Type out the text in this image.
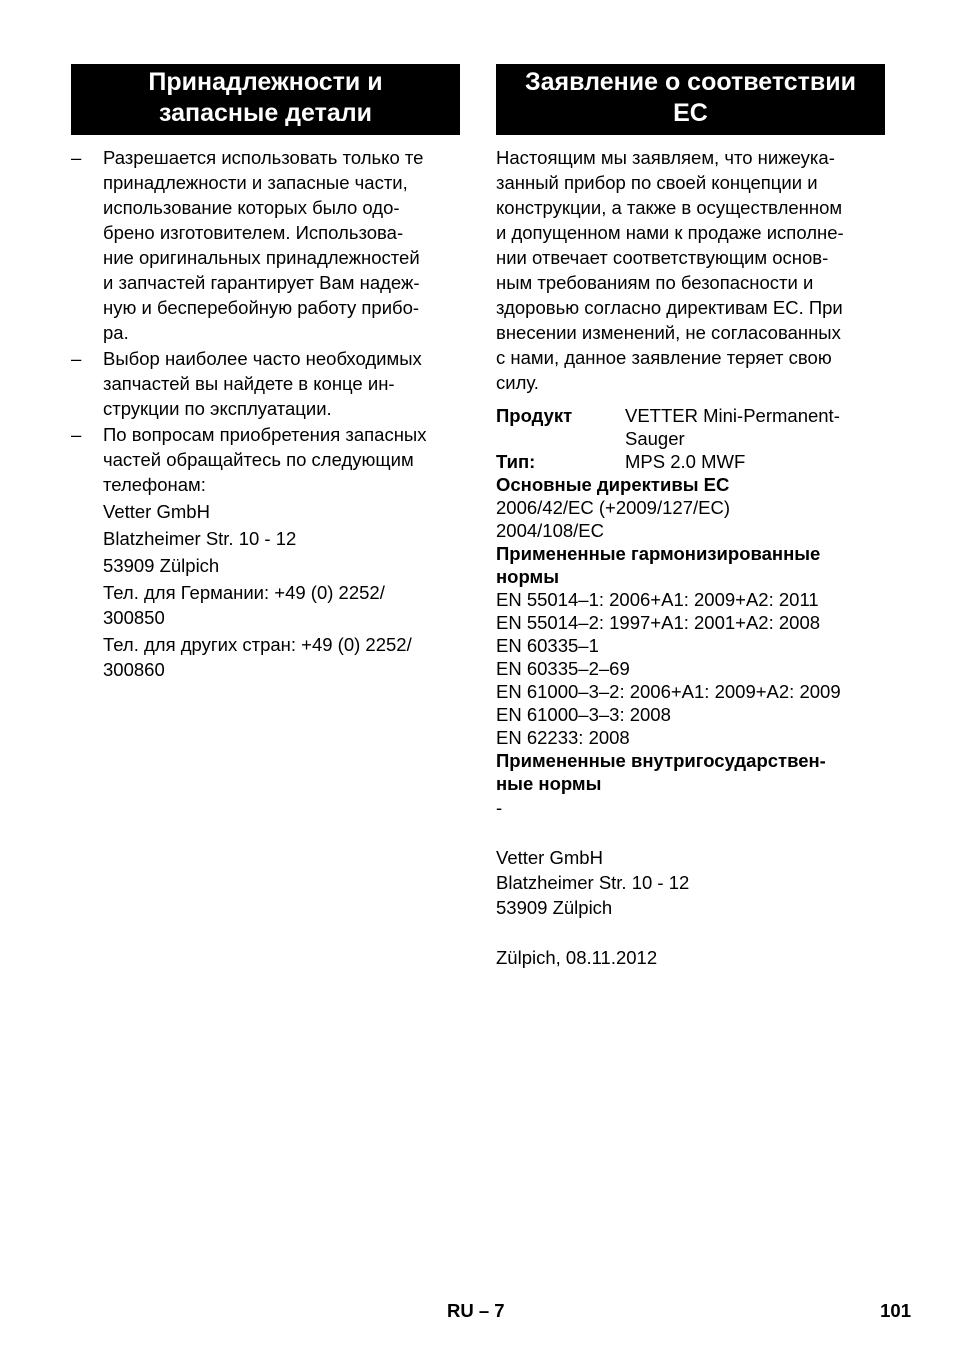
Принадлежности и
запасные детали
– Разрешается использовать только те
принадлежности и запасные части,
использование которых было одо-
брено изготовителем. Использова-
ние оригинальных принадлежностей
и запчастей гарантирует Вам надеж-
ную и бесперебойную работу прибо-
ра.
– Выбор наиболее часто необходимых
запчастей вы найдете в конце ин-
струкции по эксплуатации.
– По вопросам приобретения запасных
частей обращайтесь по следующим
телефонам:
Vetter GmbH
Blatzheimer Str. 10 - 12
53909 Zülpich
Тел. для Германии: +49 (0) 2252/
300850
Тел. для других стран: +49 (0) 2252/
300860
Заявление о соответствии
ЕС
Настоящим мы заявляем, что нижеука-
занный прибор по своей концепции и
конструкции, а также в осуществленном
и допущенном нами к продаже исполне-
нии отвечает соответствующим основ-
ным требованиям по безопасности и
здоровью согласно директивам ЕС. При
внесении изменений, не согласованных
с нами, данное заявление теряет свою
силу.
Продукт	VETTER Mini-Permanent-
Sauger
Тип:	MPS 2.0 MWF
Основные директивы ЕС
2006/42/EC (+2009/127/EC)
2004/108/EC
Примененные гармонизированные
нормы
EN 55014–1: 2006+A1: 2009+A2: 2011
EN 55014–2: 1997+A1: 2001+A2: 2008
EN 60335–1
EN 60335–2–69
EN 61000–3–2: 2006+A1: 2009+A2: 2009
EN 61000–3–3: 2008
EN 62233: 2008
Примененные внутригосударствен-
ные нормы
-
Vetter GmbH
Blatzheimer Str. 10 - 12
53909 Zülpich
Zülpich, 08.11.2012
RU – 7	101
